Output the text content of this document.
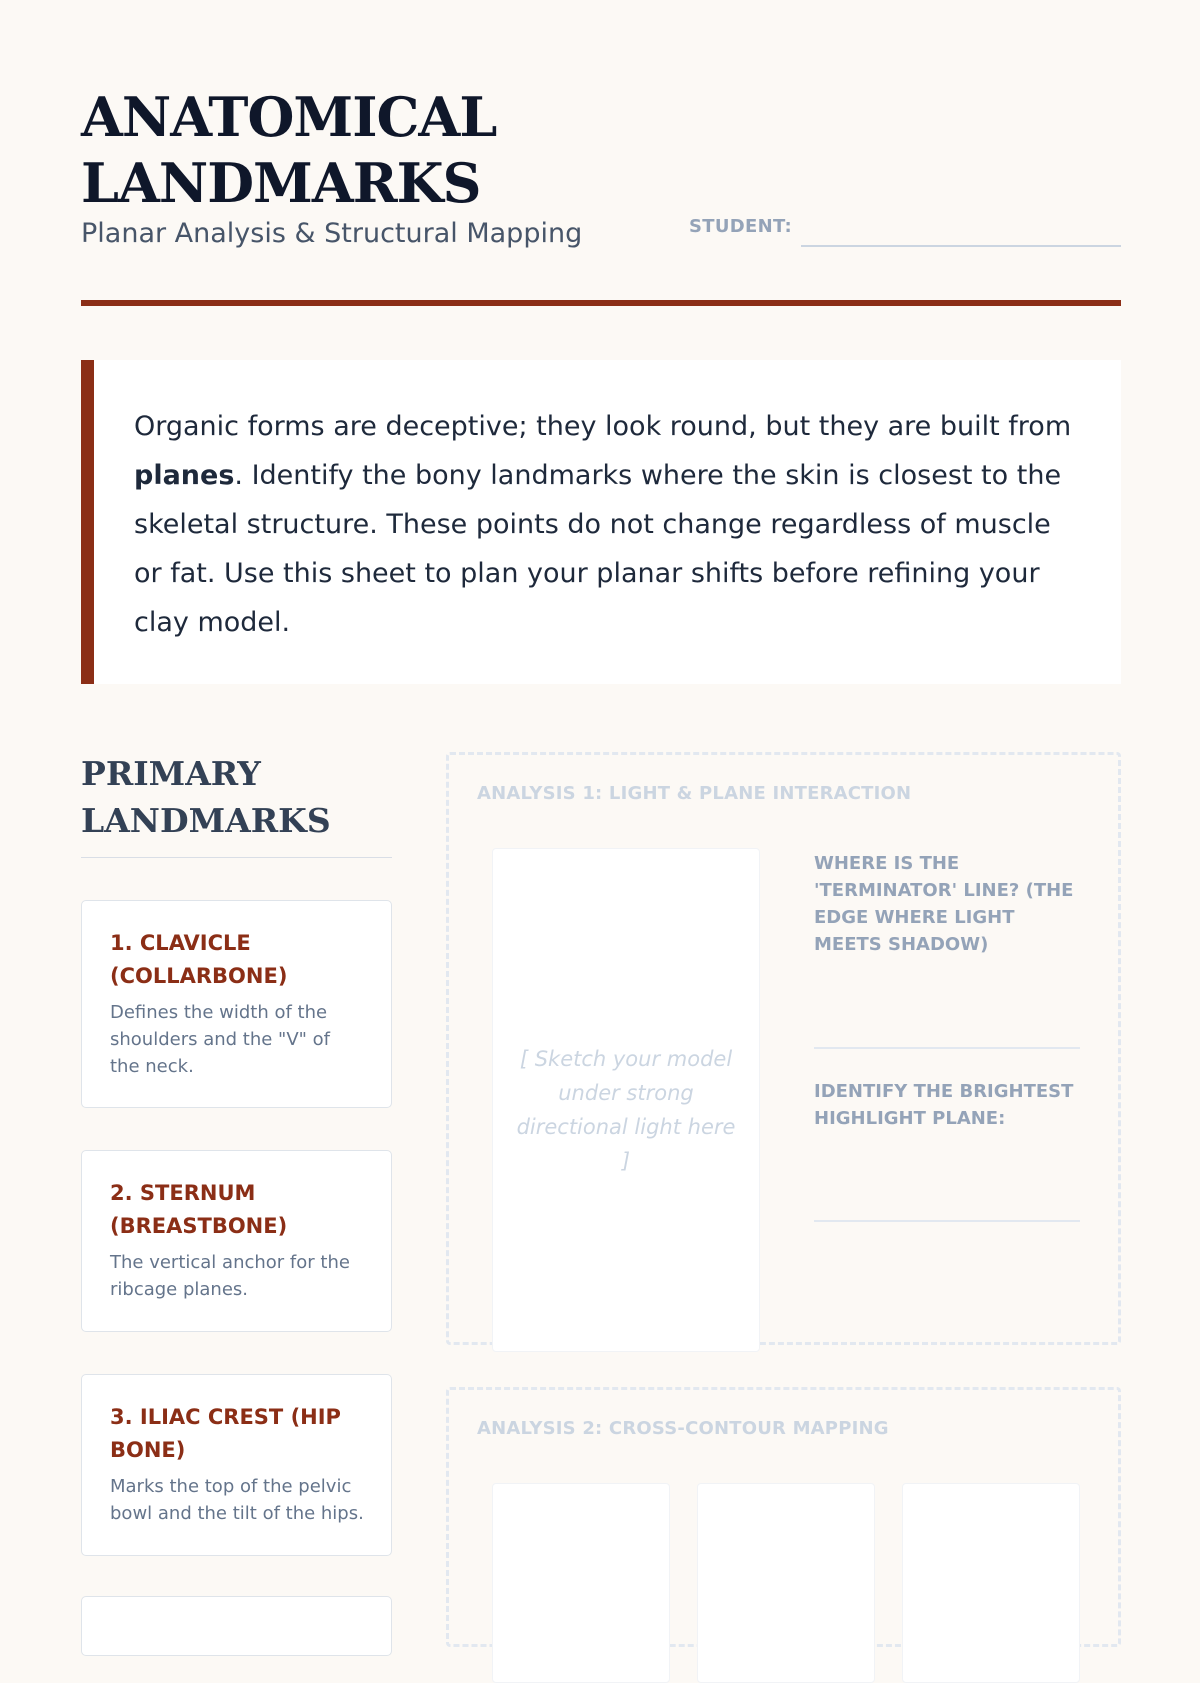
ANATOMICAL
LANDMARKS
Planar Analysis & Structural Mapping	STUDENT:
Organic forms are deceptive; they look round, but they are built from planes. Identify the bony landmarks where the skin is closest to the skeletal structure. These points do not change regardless of muscle or fat. Use this sheet to plan your planar shifts before refining your clay model.
PRIMARY
LANDMARKS
1. CLAVICLE (COLLARBONE)
Defines the width of the shoulders and the "V" of the neck.
2. STERNUM (BREASTBONE)
The vertical anchor for the ribcage planes.
3. ILIAC CREST (HIP BONE)
Marks the top of the pelvic bowl and the tilt of the hips.
ANALYSIS 1: LIGHT & PLANE INTERACTION
[ Sketch your model under strong directional light here ]
WHERE IS THE 'TERMINATOR' LINE? (THE EDGE WHERE LIGHT MEETS SHADOW)
IDENTIFY THE BRIGHTEST HIGHLIGHT PLANE:
ANALYSIS 2: CROSS-CONTOUR MAPPING
